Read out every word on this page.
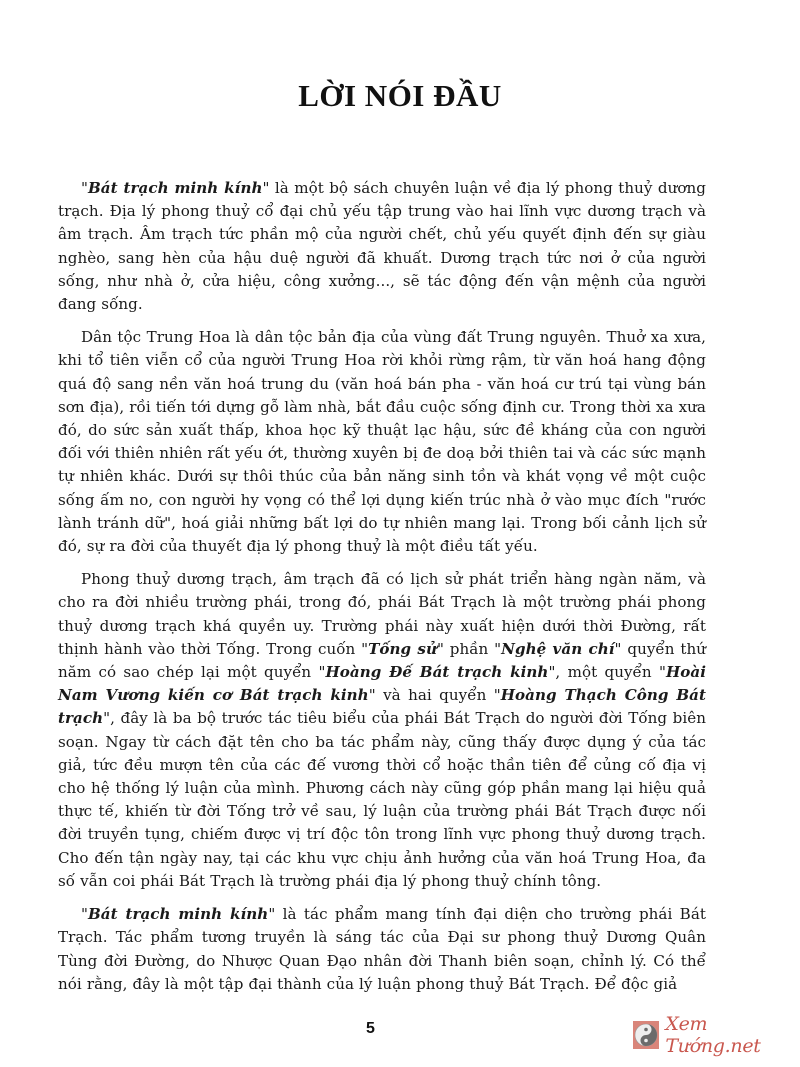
LỜI NÓI ĐẦU

"Bát trạch minh kính" là một bộ sách chuyên luận về địa lý phong thuỷ dương trạch. Địa lý phong thuỷ cổ đại chủ yếu tập trung vào hai lĩnh vực dương trạch và âm trạch. Âm trạch tức phần mộ của người chết, chủ yếu quyết định đến sự giàu nghèo, sang hèn của hậu duệ người đã khuất. Dương trạch tức nơi ở của người sống, như nhà ở, cửa hiệu, công xưởng..., sẽ tác động đến vận mệnh của người đang sống.

Dân tộc Trung Hoa là dân tộc bản địa của vùng đất Trung nguyên. Thuở xa xưa, khi tổ tiên viễn cổ của người Trung Hoa rời khỏi rừng rậm, từ văn hoá hang động quá độ sang nền văn hoá trung du (văn hoá bán pha - văn hoá cư trú tại vùng bán sơn địa), rồi tiến tới dựng gỗ làm nhà, bắt đầu cuộc sống định cư. Trong thời xa xưa đó, do sức sản xuất thấp, khoa học kỹ thuật lạc hậu, sức đề kháng của con người đối với thiên nhiên rất yếu ớt, thường xuyên bị đe doạ bởi thiên tai và các sức mạnh tự nhiên khác. Dưới sự thôi thúc của bản năng sinh tồn và khát vọng về một cuộc sống ấm no, con người hy vọng có thể lợi dụng kiến trúc nhà ở vào mục đích "rước lành tránh dữ", hoá giải những bất lợi do tự nhiên mang lại. Trong bối cảnh lịch sử đó, sự ra đời của thuyết địa lý phong thuỷ là một điều tất yếu.

Phong thuỷ dương trạch, âm trạch đã có lịch sử phát triển hàng ngàn năm, và cho ra đời nhiều trường phái, trong đó, phái Bát Trạch là một trường phái phong thuỷ dương trạch khá quyền uy. Trường phái này xuất hiện dưới thời Đường, rất thịnh hành vào thời Tống. Trong cuốn "Tống sử" phần "Nghệ văn chí" quyển thứ năm có sao chép lại một quyển "Hoàng Đế Bát trạch kinh", một quyển "Hoài Nam Vương kiến cơ Bát trạch kinh" và hai quyển "Hoàng Thạch Công Bát trạch", đây là ba bộ trước tác tiêu biểu của phái Bát Trạch do người đời Tống biên soạn. Ngay từ cách đặt tên cho ba tác phẩm này, cũng thấy được dụng ý của tác giả, tức đều mượn tên của các đế vương thời cổ hoặc thần tiên để củng cố địa vị cho hệ thống lý luận của mình. Phương cách này cũng góp phần mang lại hiệu quả thực tế, khiến từ đời Tống trở về sau, lý luận của trường phái Bát Trạch được nối đời truyền tụng, chiếm được vị trí độc tôn trong lĩnh vực phong thuỷ dương trạch. Cho đến tận ngày nay, tại các khu vực chịu ảnh hưởng của văn hoá Trung Hoa, đa số vẫn coi phái Bát Trạch là trường phái địa lý phong thuỷ chính tông.

"Bát trạch minh kính" là tác phẩm mang tính đại diện cho trường phái Bát Trạch. Tác phẩm tương truyền là sáng tác của Đại sư phong thuỷ Dương Quân Tùng đời Đường, do Nhược Quan Đạo nhân đời Thanh biên soạn, chỉnh lý. Có thể nói rằng, đây là một tập đại thành của lý luận phong thuỷ Bát Trạch. Để độc giả

5	Xem Tướng.net
